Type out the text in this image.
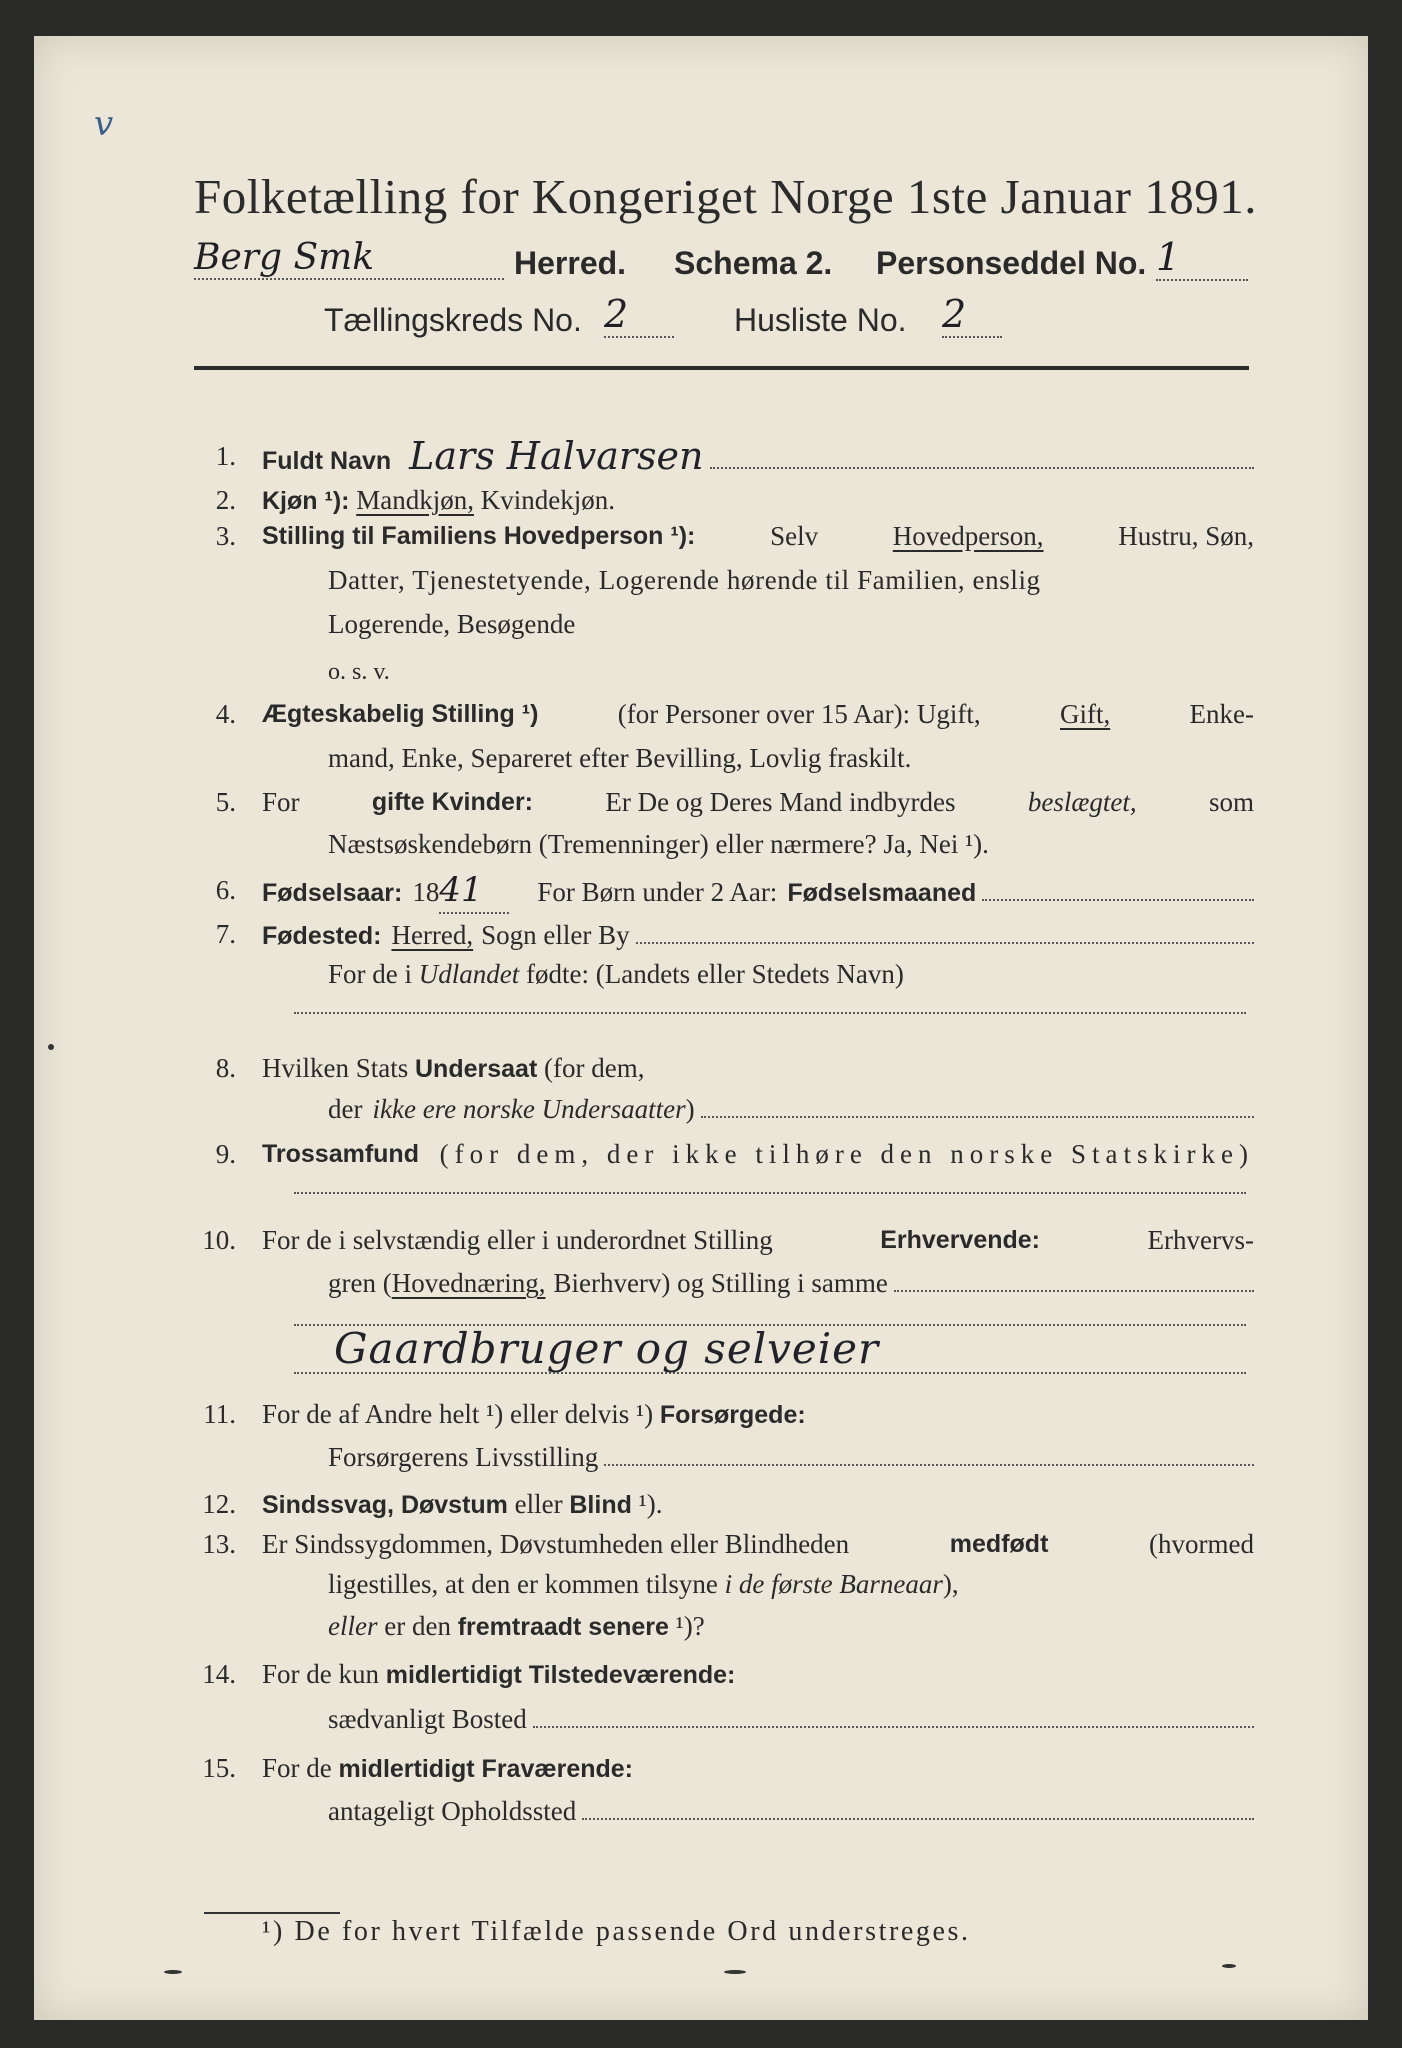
v
Folketælling for Kongeriget Norge 1ste Januar 1891.
Berg Smk	Herred. Schema 2. Personseddel No. 1
Tællingskreds No. 2	Husliste No. 2
1. Fuldt Navn Lars Halvarsen
2. Kjøn ¹): Mandkjøn, Kvindekjøn.
3. Stilling til Familiens Hovedperson ¹):	Selv	Hovedperson,	Hustru, Søn,
Datter, Tjenestetyende, Logerende hørende til Familien, enslig
Logerende, Besøgende
o. s. v.
4. Ægteskabelig Stilling ¹)	(for Personer over 15 Aar): Ugift,	Gift,	Enke-
mand, Enke, Separeret efter Bevilling, Lovlig fraskilt.
5. For	gifte Kvinder:	Er De og Deres Mand indbyrdes	beslægtet,	som
Næstsøskendebørn (Tremenninger) eller nærmere? Ja, Nei ¹).
6. Fødselsaar: 18 41	For Børn under 2 Aar: Fødselsmaaned
7. Fødested: Herred, Sogn eller By
For de i Udlandet fødte: (Landets eller Stedets Navn)
8. Hvilken Stats Undersaat (for dem,
der ikke ere norske Undersaatter )
9. Trossamfund (for dem, der ikke tilhøre den norske Statskirke)
10. For de i selvstændig eller i underordnet Stilling	Erhvervende:	Erhvervs-
gren ( Hovednæring, Bierhverv) og Stilling i samme
Gaardbruger og selveier
11. For de af Andre helt ¹) eller delvis ¹) Forsørgede:
Forsørgerens Livsstilling
12. Sindssvag, Døvstum eller Blind ¹).
13. Er Sindssygdommen, Døvstumheden eller Blindheden	medfødt	(hvormed
ligestilles, at den er kommen tilsyne i de første Barneaar),
eller er den fremtraadt senere ¹)?
14. For de kun midlertidigt Tilstedeværende:
sædvanligt Bosted
15. For de midlertidigt Fraværende:
antageligt Opholdssted
¹) De for hvert Tilfælde passende Ord understreges.
